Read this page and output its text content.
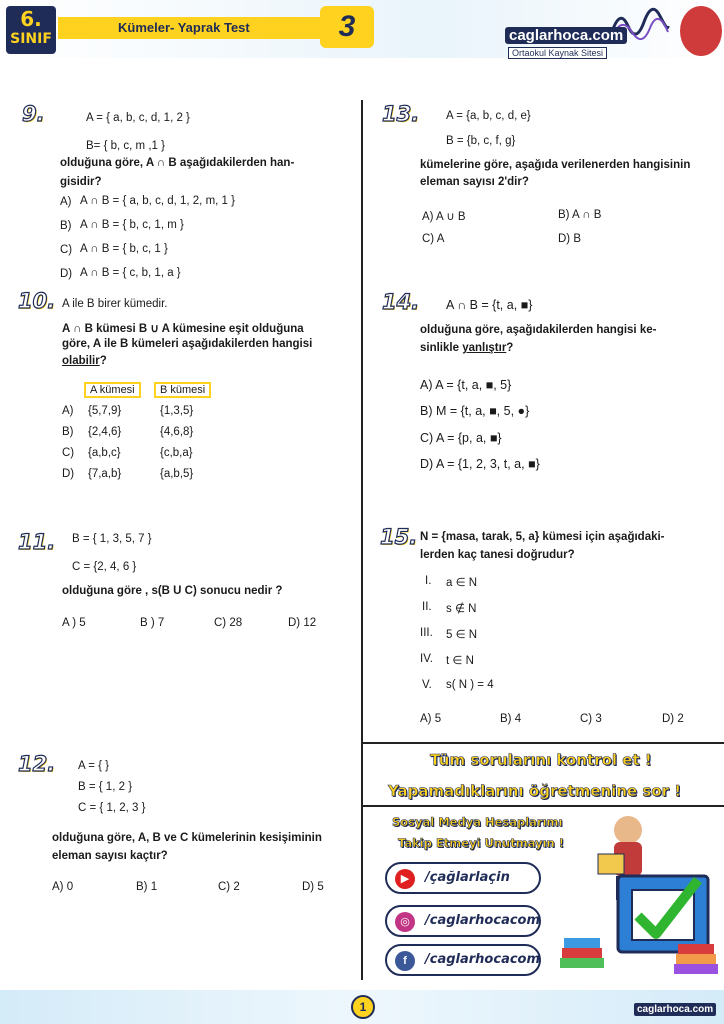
6.
SINIF
Kümeler- Yaprak Test	3	caglarhoca.com
Ortaokul Kaynak Sitesi
9.	A = { a, b, c, d, 1, 2 }
B= { b, c, m ,1 }
olduğuna göre, A ∩ B aşağıdakilerden han-
gisidir?
A) A ∩ B = { a, b, c, d, 1, 2, m, 1 }
B) A ∩ B = { b, c, 1, m }
C) A ∩ B = { b, c, 1 }
D) A ∩ B = { c, b, 1, a }
10. A ile B birer kümedir.
A ∩ B kümesi B ∪ A kümesine eşit olduğuna
göre, A ile B kümeleri aşağıdakilerden hangisi
olabilir?
A kümesi	B kümesi
A) {5,7,9}	{1,3,5}
B) {2,4,6}	{4,6,8}
C) {a,b,c}	{c,b,a}
D) {7,a,b}	{a,b,5}
11. B = { 1, 3, 5, 7 }
C = {2, 4, 6 }
olduğuna göre , s(B U C) sonucu nedir ?
A ) 5	B ) 7	C) 28	D) 12
12. A = { }
B = { 1, 2 }
C = { 1, 2, 3 }
olduğuna göre, A, B ve C kümelerinin kesişiminin
eleman sayısı kaçtır?
A) 0	B) 1	C) 2	D) 5
13. A = {a, b, c, d, e}
B = {b, c, f, g}
kümelerine göre, aşağıda verilenerden hangisinin
eleman sayısı 2'dir?
A) A ∪ B	B) A ∩ B
C) A	D) B
14. A ∩ B = {t, a, ■}
olduğuna göre, aşağıdakilerden hangisi ke-
sinlikle yanlıştır?
A) A = {t, a, ■, 5}
B) M = {t, a, ■, 5, ●}
C) A = {p, a, ■}
D) A = {1, 2, 3, t, a, ■}
15. N = {masa, tarak, 5, a} kümesi için aşağıdaki-
lerden kaç tanesi doğrudur?
I. a ∈ N
II. s ∉ N
III. 5 ∈ N
IV. t ∈ N
V. s( N ) = 4
A) 5	B) 4	C) 3	D) 2
Tüm sorularını kontrol et !
Yapamadıklarını öğretmenine sor !
Sosyal Medya Hesaplarımı
Takip Etmeyi Unutmayın !
▶	/çağlarlaçin
◎	/caglarhocacom
f	/caglarhocacom
1	caglarhoca.com
